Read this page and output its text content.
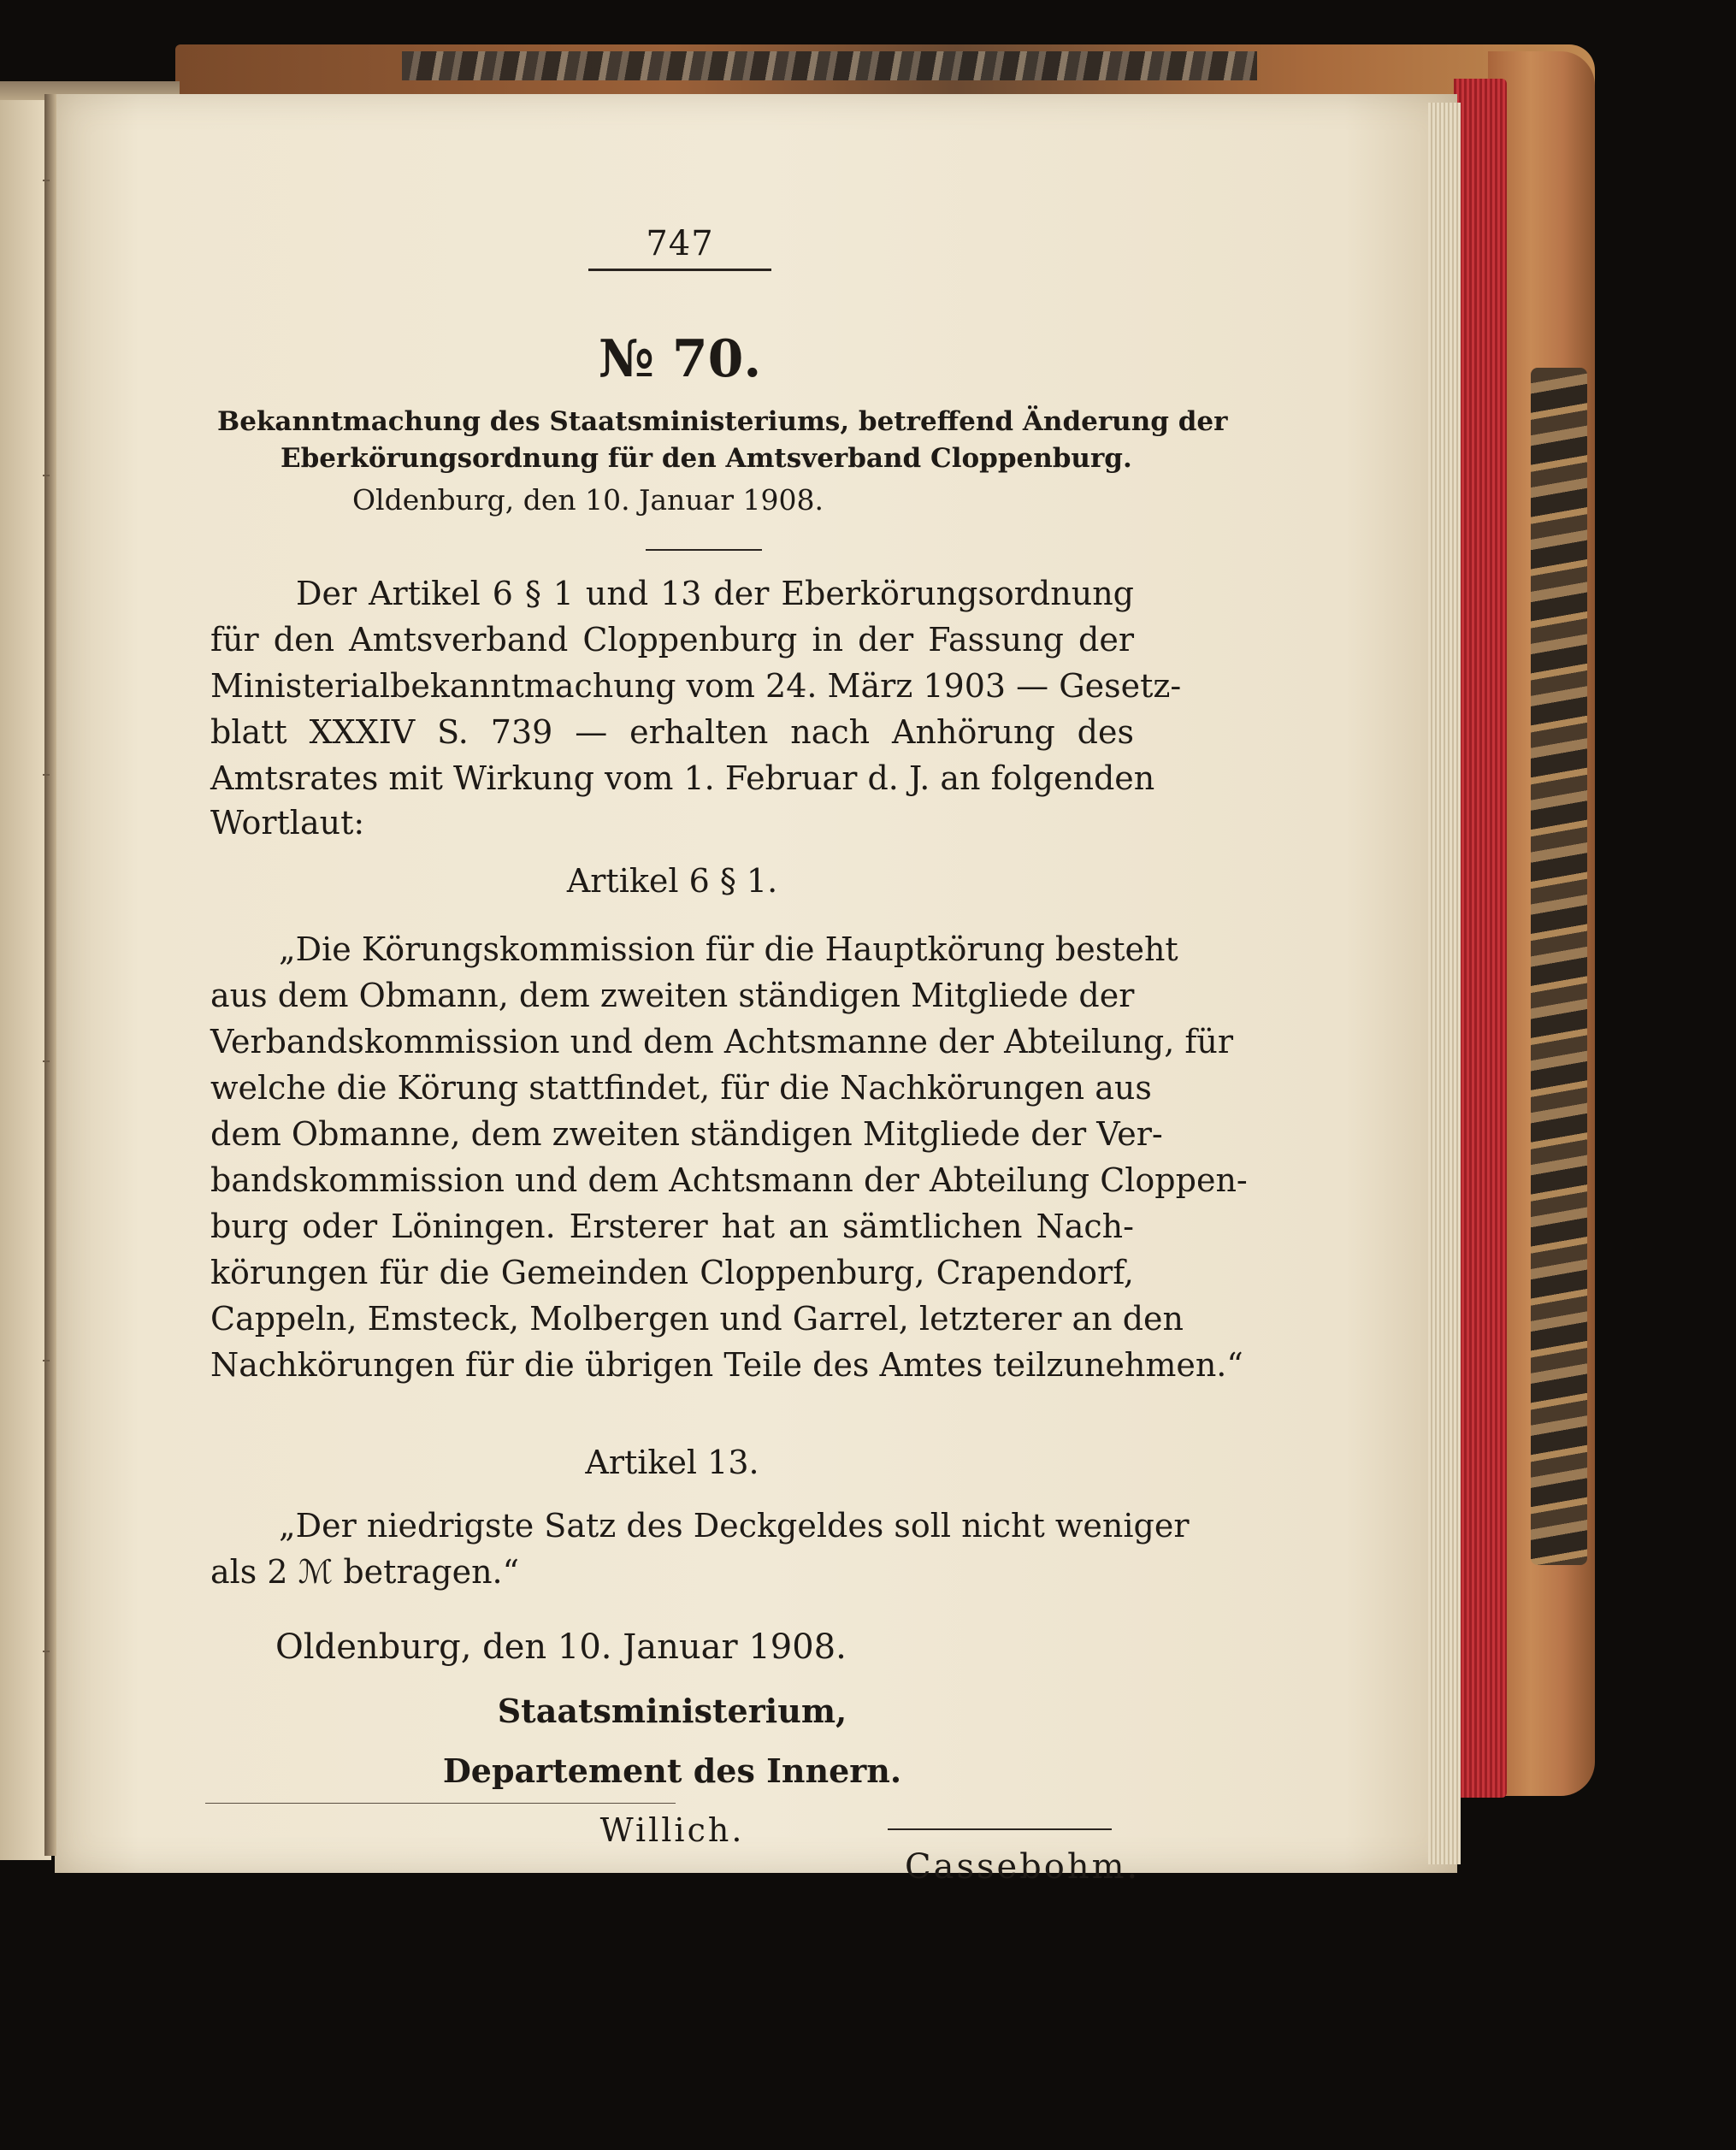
747
№ 70.
Bekanntmachung des Staatsministeriums, betreffend Änderung der
Eberkörungsordnung für den Amtsverband Cloppenburg.
Oldenburg, den 10. Januar 1908.
Der Artikel 6 § 1 und 13 der Eberkörungsordnung
für den Amtsverband Cloppenburg in der Fassung der
Ministerialbekanntmachung vom 24. März 1903 — Gesetz-
blatt XXXIV S. 739 — erhalten nach Anhörung des
Amtsrates mit Wirkung vom 1. Februar d. J. an folgenden
Wortlaut:
Artikel 6 § 1.
„Die Körungskommission für die Hauptkörung besteht
aus dem Obmann, dem zweiten ständigen Mitgliede der
Verbandskommission und dem Achtsmanne der Abteilung, für
welche die Körung stattfindet, für die Nachkörungen aus
dem Obmanne, dem zweiten ständigen Mitgliede der Ver-
bandskommission und dem Achtsmann der Abteilung Cloppen-
burg oder Löningen. Ersterer hat an sämtlichen Nach-
körungen für die Gemeinden Cloppenburg, Crapendorf,
Cappeln, Emsteck, Molbergen und Garrel, letzterer an den
Nachkörungen für die übrigen Teile des Amtes teilzunehmen.“
Artikel 13.
„Der niedrigste Satz des Deckgeldes soll nicht weniger
als 2 ℳ betragen.“
Oldenburg, den 10. Januar 1908.
Staatsministerium,
Departement des Innern.
Willich.
Cassebohm.
